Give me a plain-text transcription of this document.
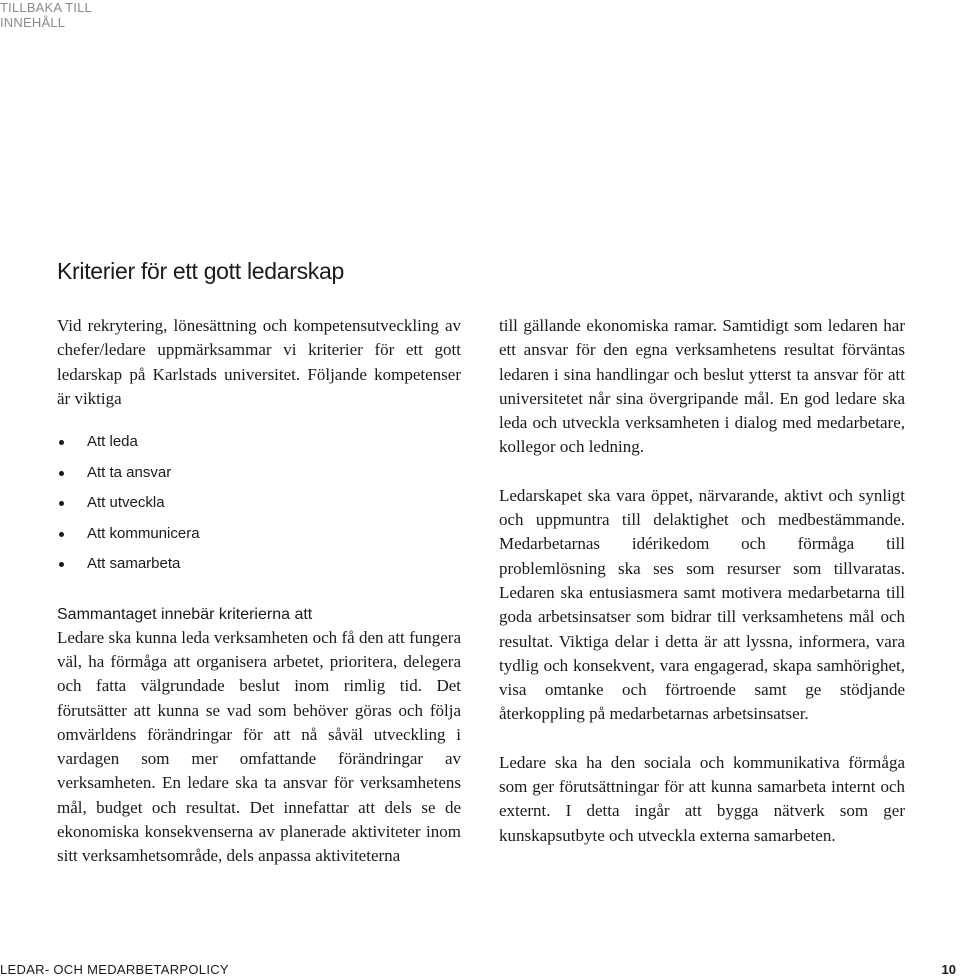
TILLBAKA TILL INNEHÅLL
Kriterier för ett gott ledarskap

Vid rekrytering, lönesättning och kompetensutveckling av chefer/ledare uppmärksammar vi kriterier för ett gott ledarskap på Karlstads universitet. Följande kompetenser är viktiga

Att leda
Att ta ansvar
Att utveckla
Att kommunicera
Att samarbeta
Sammantaget innebär kriterierna att

Ledare ska kunna leda verksamheten och få den att fungera väl, ha förmåga att organisera arbetet, prioritera, delegera och fatta välgrundade beslut inom rimlig tid. Det förutsätter att kunna se vad som behöver göras och följa omvärldens förändringar för att nå såväl utveckling i vardagen som mer omfattande förändringar av verksamheten. En ledare ska ta ansvar för verksamhetens mål, budget och resultat. Det innefattar att dels se de ekonomiska konsekvenserna av planerade aktiviteter inom sitt verksamhetsområde, dels anpassa aktiviteterna

till gällande ekonomiska ramar. Samtidigt som ledaren har ett ansvar för den egna verksamhetens resultat förväntas ledaren i sina handlingar och beslut ytterst ta ansvar för att universitetet når sina övergripande mål. En god ledare ska leda och utveckla verksamheten i dialog med medarbetare, kollegor och ledning.

Ledarskapet ska vara öppet, närvarande, aktivt och synligt och uppmuntra till delaktighet och medbestämmande. Medarbetarnas idérikedom och förmåga till problemlösning ska ses som resurser som tillvaratas. Ledaren ska entusiasmera samt motivera medarbetarna till goda arbetsinsatser som bidrar till verksamhetens mål och resultat. Viktiga delar i detta är att lyssna, informera, vara tydlig och konsekvent, vara engagerad, skapa samhörighet, visa omtanke och förtroende samt ge stödjande återkoppling på medarbetarnas arbetsinsatser.

Ledare ska ha den sociala och kommunikativa förmåga som ger förutsättningar för att kunna samarbeta internt och externt. I detta ingår att bygga nätverk som ger kunskapsutbyte och utveckla externa samarbeten.

LEDAR- OCH MEDARBETARPOLICY	10
